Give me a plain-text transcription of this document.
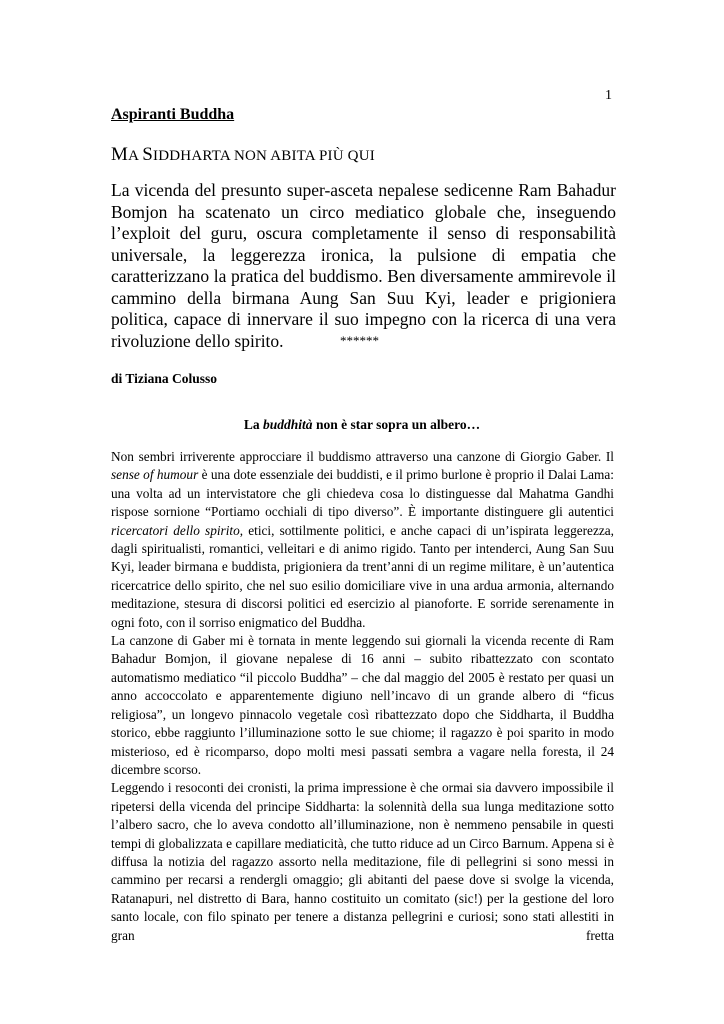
1
Aspiranti Buddha
MA SIDDHARTA NON ABITA PIÙ QUI
La vicenda del presunto super-asceta nepalese sedicenne Ram Bahadur Bomjon ha scatenato un circo mediatico globale che, inseguendo l’exploit del guru, oscura completamente il senso di responsabilità universale, la leggerezza ironica, la pulsione di empatia che caratterizzano la pratica del buddismo. Ben diversamente ammirevole il cammino della birmana Aung San Suu Kyi, leader e prigioniera politica, capace di innervare il suo impegno con la ricerca di una vera rivoluzione dello spirito.	******
di Tiziana Colusso
La buddhità non è star sopra un albero…

Non sembri irriverente approcciare il buddismo attraverso una canzone di Giorgio Gaber. Il sense of humour è una dote essenziale dei buddisti, e il primo burlone è proprio il Dalai Lama: una volta ad un intervistatore che gli chiedeva cosa lo distinguesse dal Mahatma Gandhi rispose sornione “Portiamo occhiali di tipo diverso”. È importante distinguere gli autentici ricercatori dello spirito, etici, sottilmente politici, e anche capaci di un’ispirata leggerezza, dagli spiritualisti, romantici, velleitari e di animo rigido. Tanto per intenderci, Aung San Suu Kyi, leader birmana e buddista, prigioniera da trent’anni di un regime militare, è un’autentica ricercatrice dello spirito, che nel suo esilio domiciliare vive in una ardua armonia, alternando meditazione, stesura di discorsi politici ed esercizio al pianoforte. E sorride serenamente in ogni foto, con il sorriso enigmatico del Buddha.

La canzone di Gaber mi è tornata in mente leggendo sui giornali la vicenda recente di Ram Bahadur Bomjon, il giovane nepalese di 16 anni – subito ribattezzato con scontato automatismo mediatico “il piccolo Buddha” – che dal maggio del 2005 è restato per quasi un anno accoccolato e apparentemente digiuno nell’incavo di un grande albero di “ficus religiosa”, un longevo pinnacolo vegetale così ribattezzato dopo che Siddharta, il Buddha storico, ebbe raggiunto l’illuminazione sotto le sue chiome; il ragazzo è poi sparito in modo misterioso, ed è ricomparso, dopo molti mesi passati sembra a vagare nella foresta, il 24 dicembre scorso.

Leggendo i resoconti dei cronisti, la prima impressione è che ormai sia davvero impossibile il ripetersi della vicenda del principe Siddharta: la solennità della sua lunga meditazione sotto l’albero sacro, che lo aveva condotto all’illuminazione, non è nemmeno pensabile in questi tempi di globalizzata e capillare mediaticità, che tutto riduce ad un Circo Barnum. Appena si è diffusa la notizia del ragazzo assorto nella meditazione, file di pellegrini si sono messi in cammino per recarsi a rendergli omaggio; gli abitanti del paese dove si svolge la vicenda, Ratanapuri, nel distretto di Bara, hanno costituito un comitato (sic!) per la gestione del loro santo locale, con filo spinato per tenere a distanza pellegrini e curiosi; sono stati allestiti in gran fretta
